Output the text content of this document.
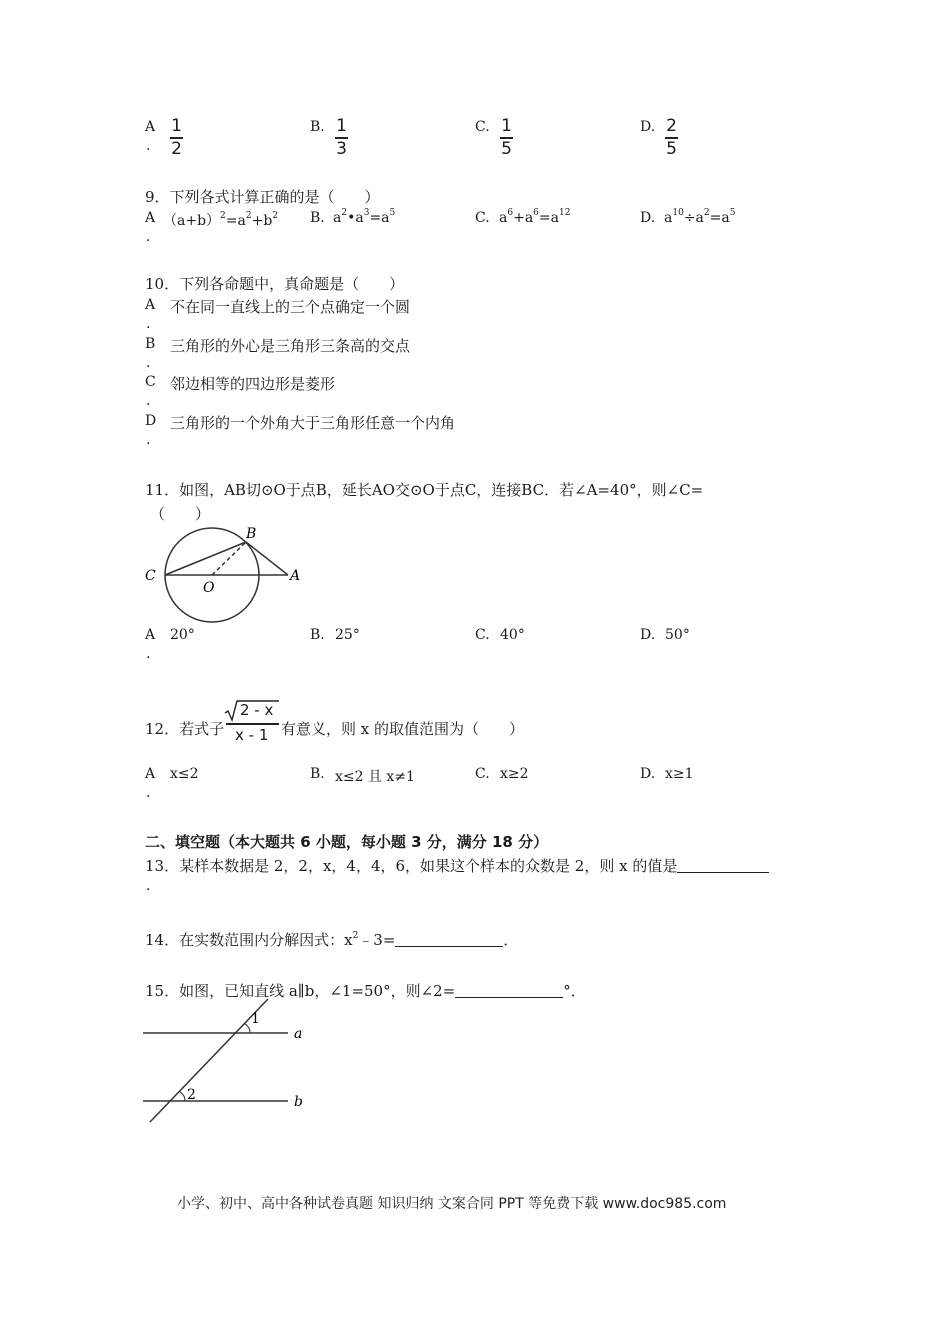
A
.
1
2
B. 1
3
C. 1
5
D. 2
5
9．下列各式计算正确的是（　　）
A
.
$(a+b)^2=a^2+b^2$ B. $a^2•a^3=a^5$	C. $a^6+a^6=a^{12}$	D. $a^{10}\div a^2=a^5$
10．下列各命题中，真命题是（　　）
A 不在同一直线上的三个点确定一个圆
.
B 三角形的外心是三角形三条高的交点
.
C 邻边相等的四边形是菱形
.
D 三角形的一个外角大于三角形任意一个内角
.
11．如图，AB切⊙O于点B，延长AO交⊙O于点C，连接BC．若∠A=40°，则∠C=
（　　）
B
C
O
A
A 20°
.
B. 25°	C. 40°	D. 50°
12．若式子
2 - x
x - 1 有意义，则 x 的取值范围为（　　）
A x≤2
.
B. x≤2 且 x≠1	C. x≥2	D. x≥1
二、填空题（本大题共 6 小题，每小题 3 分，满分 18 分）
13．某样本数据是 2，2，x，4，4，6，如果这个样本的众数是 2，则 x 的值是
．
14．在实数范围内分解因式：$x^2﹣3=$	．
15．如图，已知直线 a∥b，∠1=50°，则∠2=	°．
1
2
a
b
小学、初中、高中各种试卷真题 知识归纳 文案合同 PPT 等免费下载 www.doc985.com
